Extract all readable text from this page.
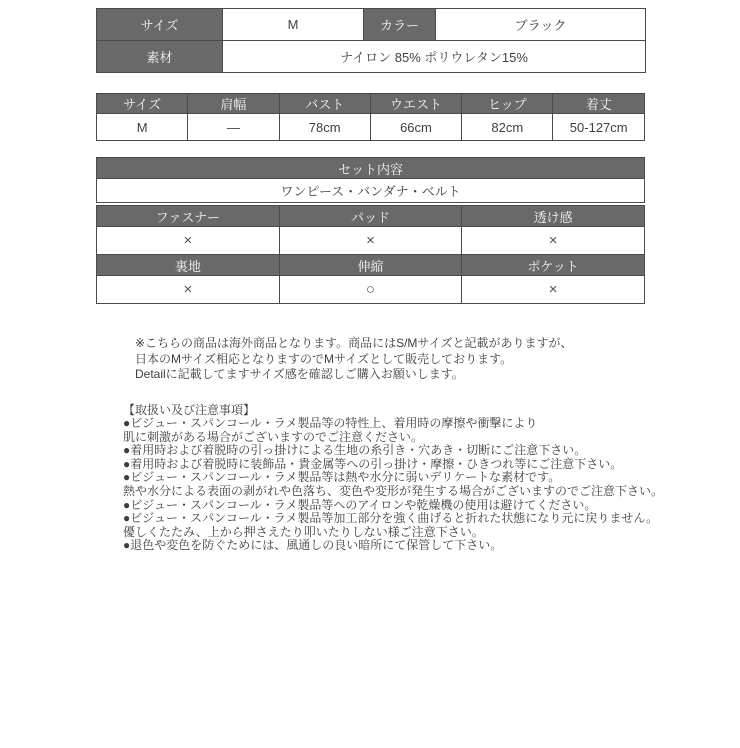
サイズ	M	カラー	ブラック
素材	ナイロン 85% ポリウレタン15%		
サイズ	肩幅	バスト	ウエスト	ヒップ	着丈
M	―	78cm	66cm	82cm	50-127cm
セット内容
ワンピース・バンダナ・ベルト
ファスナー	パッド	透け感
×	×	×
裏地	伸縮	ポケット
×	○	×
※こちらの商品は海外商品となります。商品にはS/Mサイズと記載がありますが、
日本のMサイズ相応となりますのでMサイズとして販売しております。
Detailに記載してますサイズ感を確認しご購入お願いします。
【取扱い及び注意事項】
●ビジュー・スパンコール・ラメ製品等の特性上、着用時の摩擦や衝撃により
肌に刺激がある場合がございますのでご注意ください。
●着用時および着脱時の引っ掛けによる生地の糸引き・穴あき・切断にご注意下さい。
●着用時および着脱時に装飾品・貴金属等への引っ掛け・摩擦・ひきつれ等にご注意下さい。
●ビジュー・スパンコール・ラメ製品等は熱や水分に弱いデリケートな素材です。
熱や水分による表面の剥がれや色落ち、変色や変形が発生する場合がございますのでご注意下さい。
●ビジュー・スパンコール・ラメ製品等へのアイロンや乾燥機の使用は避けてください。
●ビジュー・スパンコール・ラメ製品等加工部分を強く曲げると折れた状態になり元に戻りません。
優しくたたみ、上から押さえたり叩いたりしない様ご注意下さい。
●退色や変色を防ぐためには、風通しの良い暗所にて保管して下さい。
